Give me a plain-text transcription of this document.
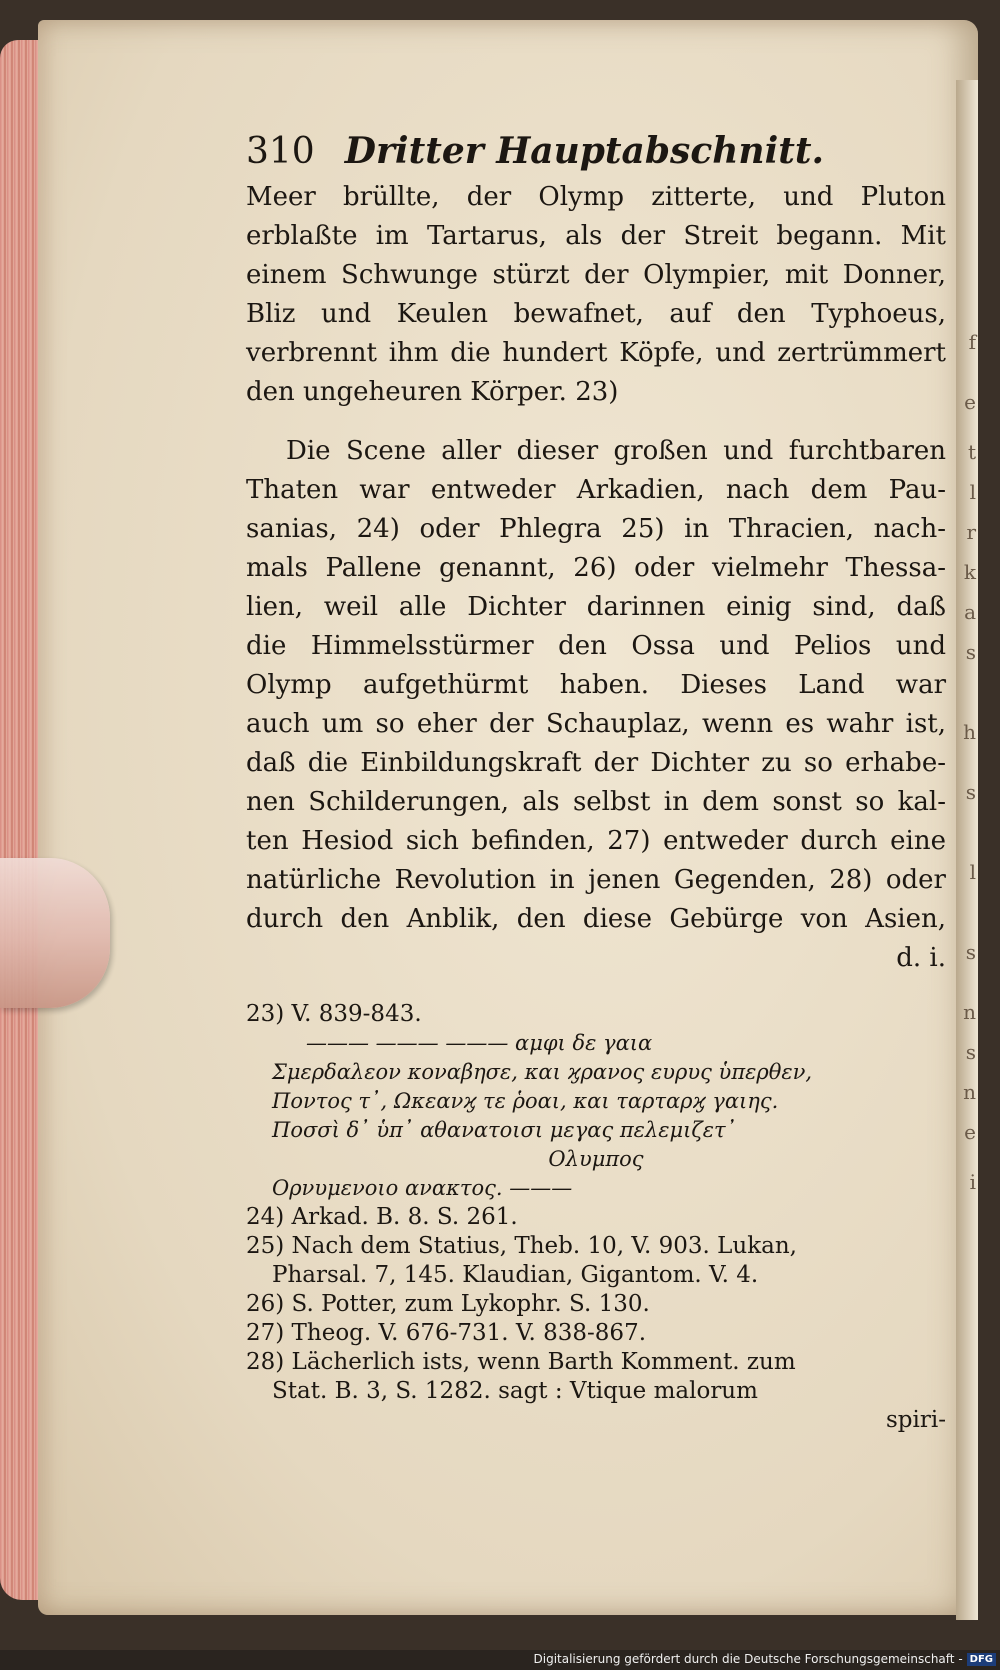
f
e
t
l
r
k
a
s
h
s
l
s
n
s
n
e
i
310 Dritter Hauptabschnitt.
Meer brüllte, der Olymp zitterte, und Pluton
erblaßte im Tartarus, als der Streit begann. Mit
einem Schwunge stürzt der Olympier, mit Donner,
Bliz und Keulen bewafnet, auf den Typhoeus,
verbrennt ihm die hundert Köpfe, und zertrümmert
den ungeheuren Körper. 23)
Die Scene aller dieser großen und furchtbaren
Thaten war entweder Arkadien, nach dem Pau-
sanias, 24) oder Phlegra 25) in Thracien, nach-
mals Pallene genannt, 26) oder vielmehr Thessa-
lien, weil alle Dichter darinnen einig sind, daß
die Himmelsstürmer den Ossa und Pelios und
Olymp aufgethürmt haben. Dieses Land war
auch um so eher der Schauplaz, wenn es wahr ist,
daß die Einbildungskraft der Dichter zu so erhabe-
nen Schilderungen, als selbst in dem sonst so kal-
ten Hesiod sich befinden, 27) entweder durch eine
natürliche Revolution in jenen Gegenden, 28) oder
durch den Anblik, den diese Gebürge von Asien,
d. i.
23) V. 839-843.
——— ——— ——— αμφι δε γαια
Σμερδαλεον κοναβησε, και ϗρανος ευρυς ὑπερθεν,
Ποντος τ᾽, Ωκεανϗ τε ῥοαι, και ταρταρϗ γαιης.
Ποσσὶ δ᾽ ὑπ᾽ αθανατοισι μεγας πελεμιζετ᾽
Ολυμπος
Ορνυμενοιο ανακτος. ———
24) Arkad. B. 8. S. 261.
25) Nach dem Statius, Theb. 10, V. 903. Lukan,
Pharsal. 7, 145. Klaudian, Gigantom. V. 4.
26) S. Potter, zum Lykophr. S. 130.
27) Theog. V. 676-731. V. 838-867.
28) Lächerlich ists, wenn Barth Komment. zum
Stat. B. 3, S. 1282. sagt : Vtique malorum
spiri-
Digitalisierung gefördert durch die Deutsche Forschungsgemeinschaft - DFG
